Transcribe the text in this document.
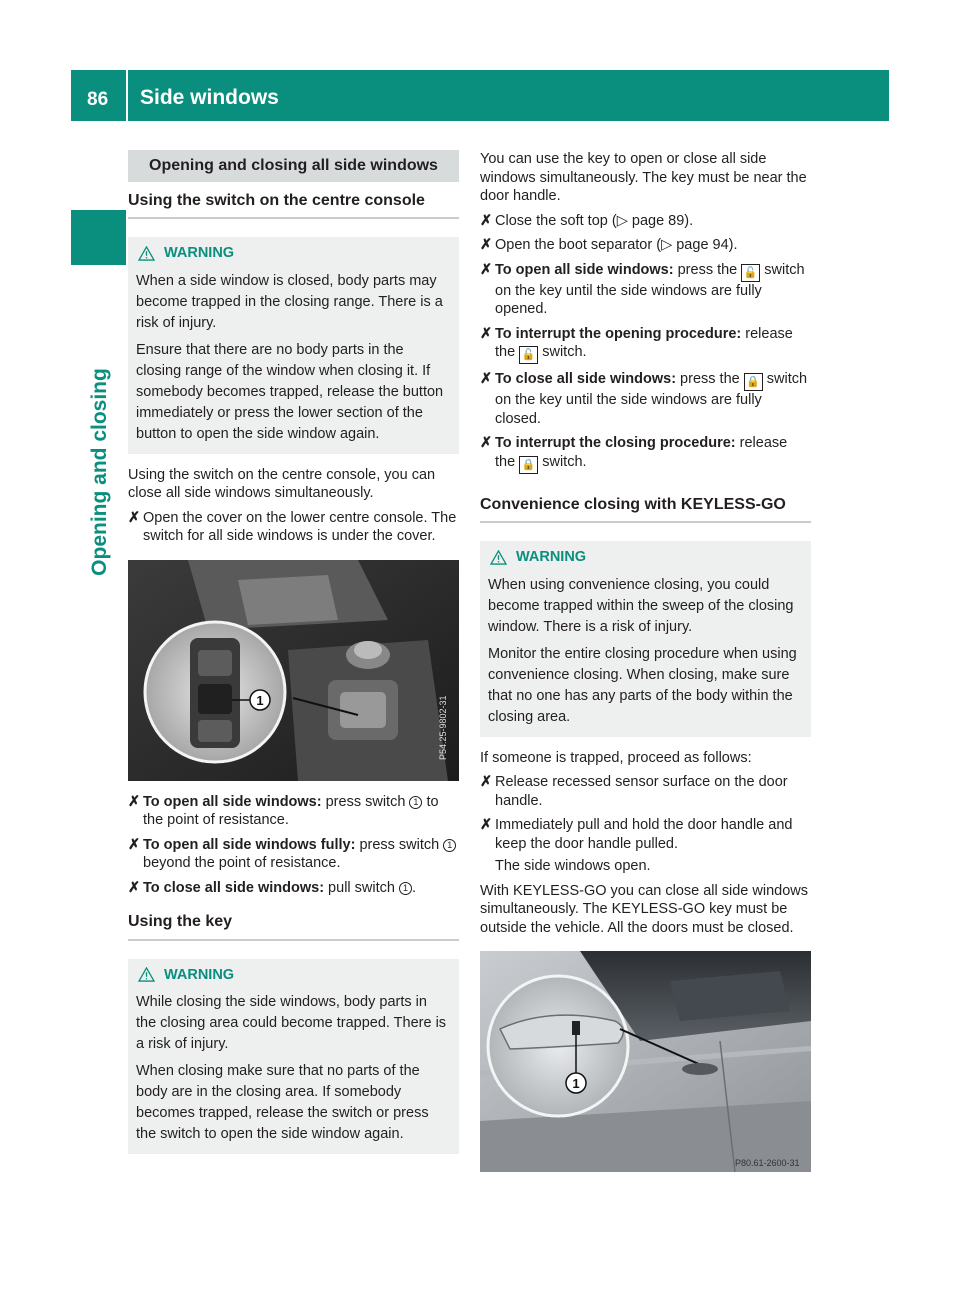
86 Side windows
Opening and closing
Opening and closing all side windows
Using the switch on the centre console
WARNING

When a side window is closed, body parts may become trapped in the closing range. There is a risk of injury.

Ensure that there are no body parts in the closing range of the window when closing it. If somebody becomes trapped, release the button immediately or press the lower section of the button to open the side window again.

Using the switch on the centre console, you can close all side windows simultaneously.

✗ Open the cover on the lower centre console. The switch for all side windows is under the cover.
1	P54.25-9802-31
✗ To open all side windows: press switch 1 to the point of resistance.
✗ To open all side windows fully: press switch 1 beyond the point of resistance.
✗ To close all side windows: pull switch 1 .
Using the key
WARNING

While closing the side windows, body parts in the closing area could become trapped. There is a risk of injury.

When closing make sure that no parts of the body are in the closing area. If somebody becomes trapped, release the switch or press the switch to open the side window again.

You can use the key to open or close all side windows simultaneously. The key must be near the door handle.

✗ Close the soft top (▷ page 89).
✗ Open the boot separator (▷ page 94).
✗ To open all side windows: press the 🔓 switch on the key until the side windows are fully opened.
✗ To interrupt the opening procedure: release the 🔓 switch.
✗ To close all side windows: press the 🔒 switch on the key until the side windows are fully closed.
✗ To interrupt the closing procedure: release the 🔒 switch.
Convenience closing with KEYLESS-GO
WARNING

When using convenience closing, you could become trapped within the sweep of the closing window. There is a risk of injury.

Monitor the entire closing procedure when using convenience closing. When closing, make sure that no one has any parts of the body within the closing area.

If someone is trapped, proceed as follows:

✗ Release recessed sensor surface on the door handle.
✗ Immediately pull and hold the door handle and keep the door handle pulled.
The side windows open.

With KEYLESS-GO you can close all side windows simultaneously. The KEYLESS-GO key must be outside the vehicle. All the doors must be closed.

1
P80.61-2600-31
